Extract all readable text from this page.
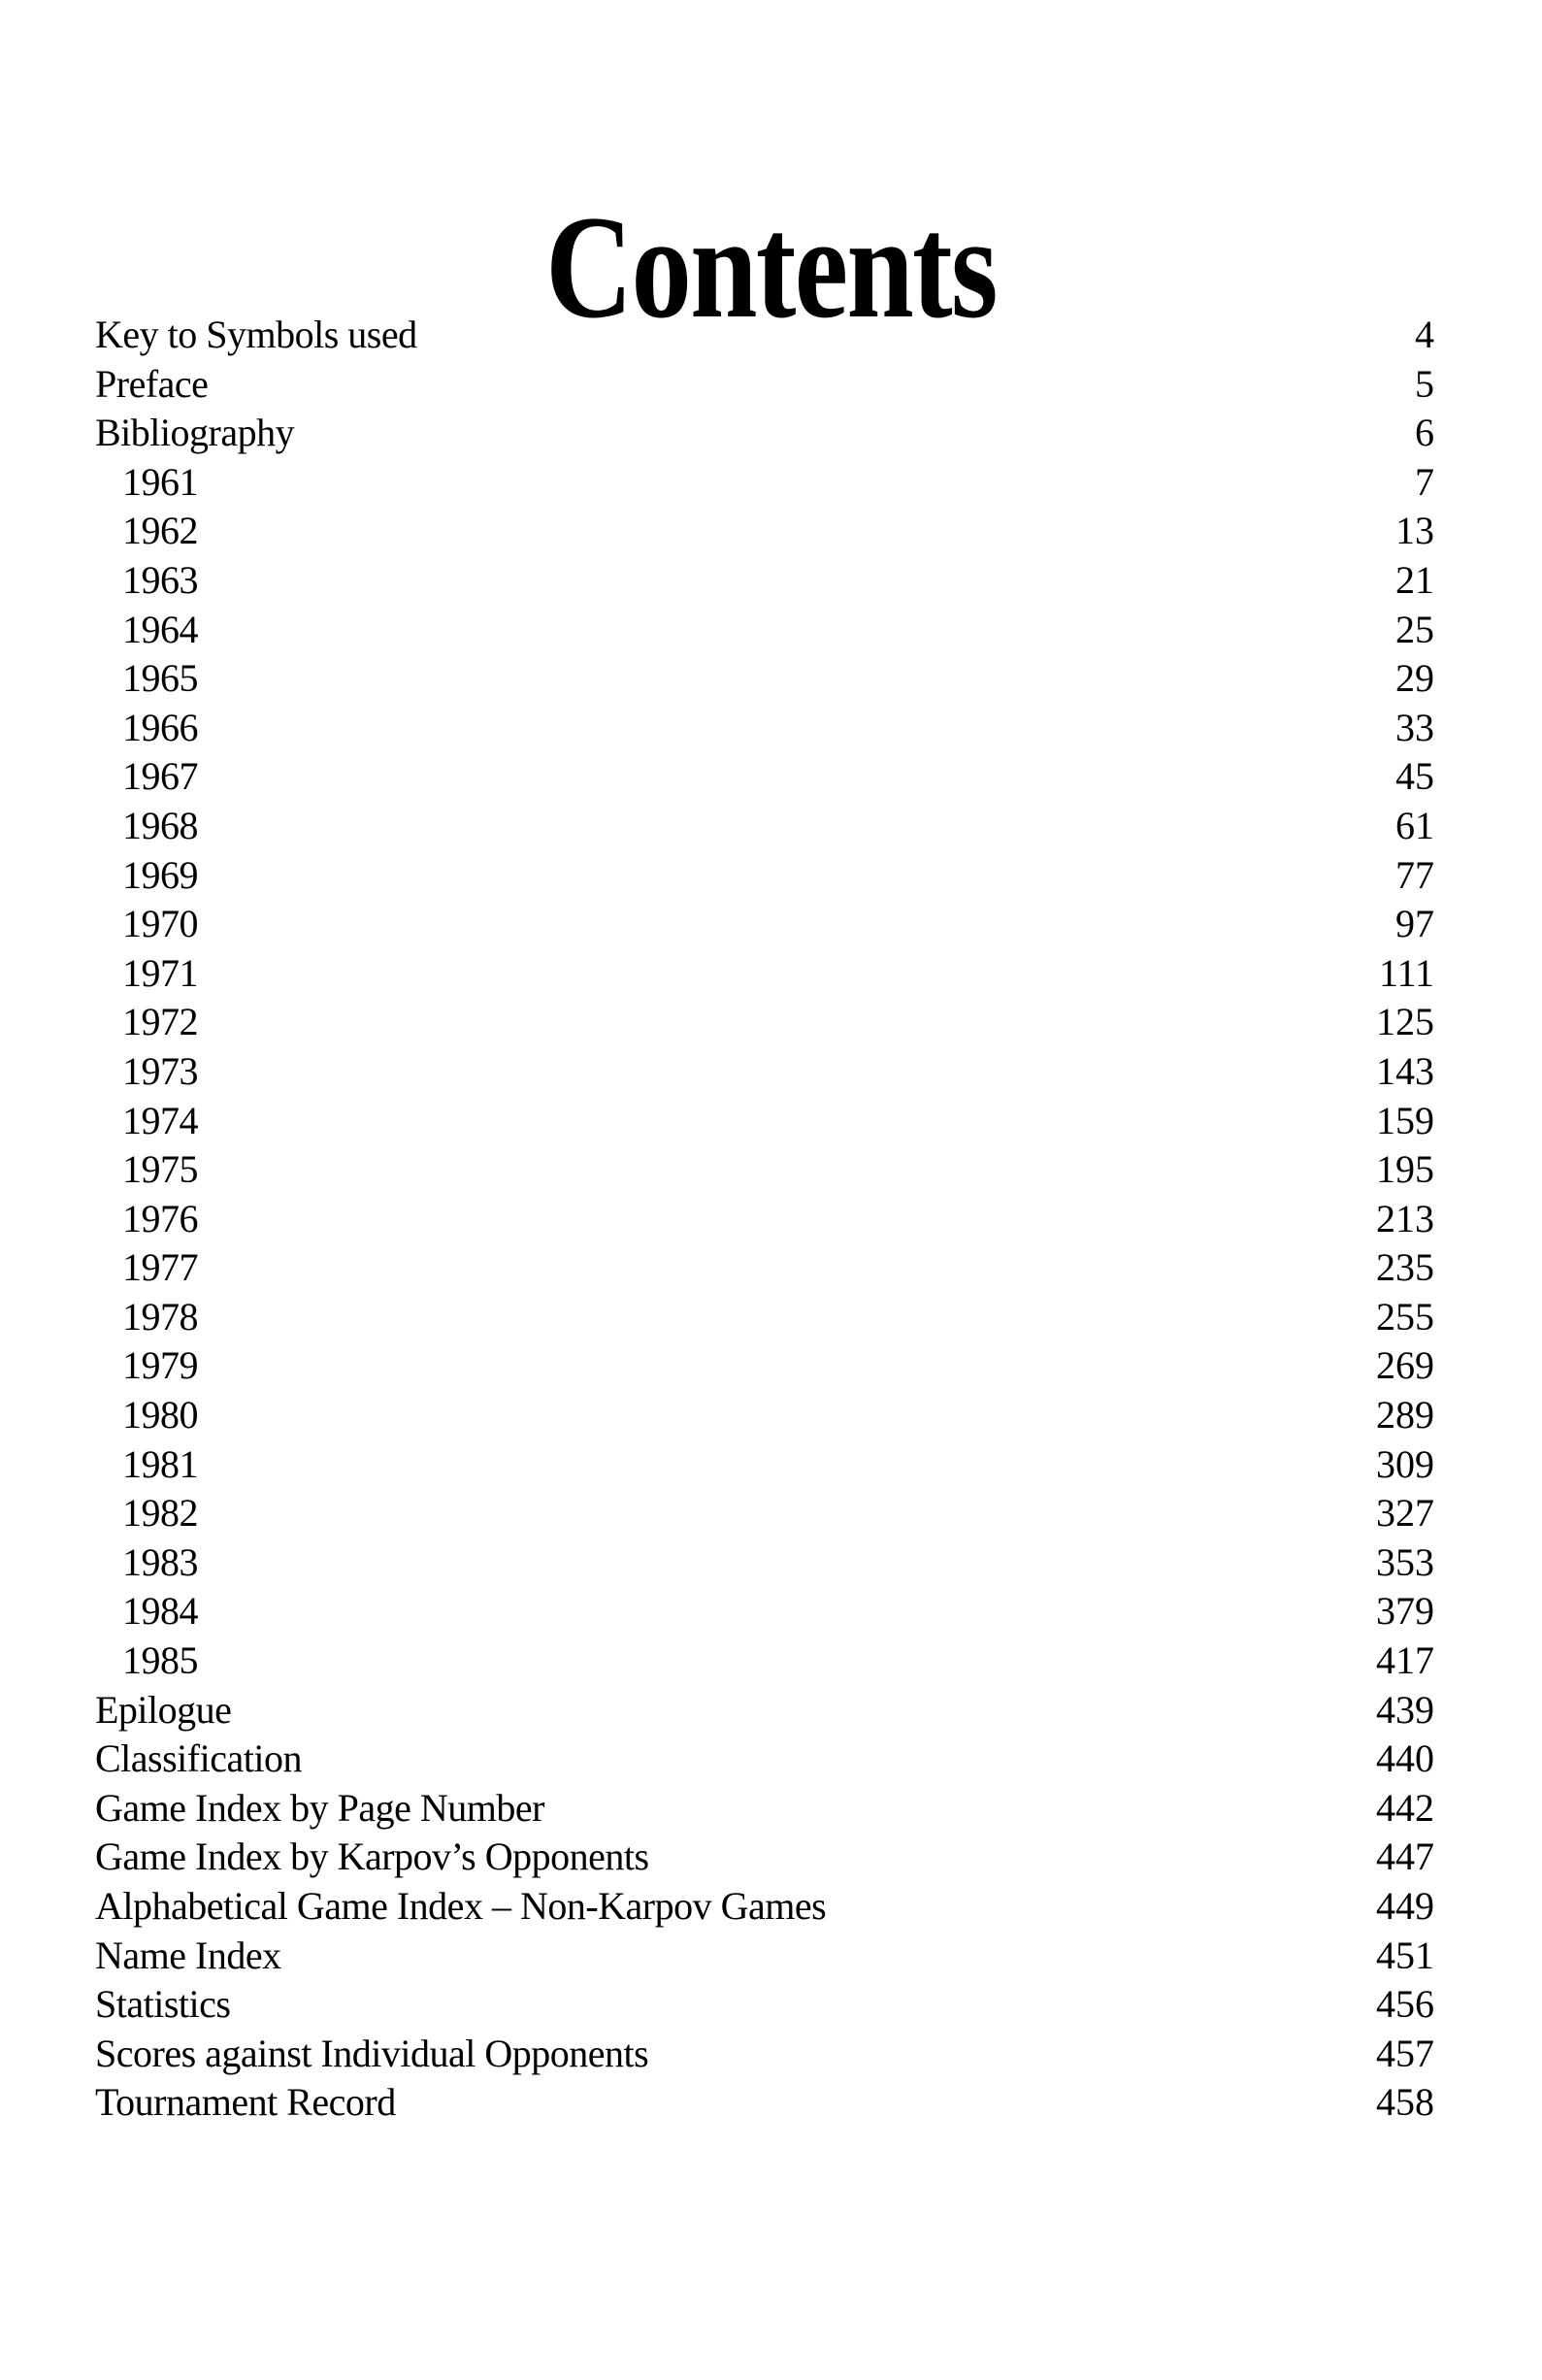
Contents
Key to Symbols used	4
Preface	5
Bibliography	6
1961	7
1962	13
1963	21
1964	25
1965	29
1966	33
1967	45
1968	61
1969	77
1970	97
1971	111
1972	125
1973	143
1974	159
1975	195
1976	213
1977	235
1978	255
1979	269
1980	289
1981	309
1982	327
1983	353
1984	379
1985	417
Epilogue	439
Classification	440
Game Index by Page Number	442
Game Index by Karpov’s Opponents	447
Alphabetical Game Index – Non-Karpov Games	449
Name Index	451
Statistics	456
Scores against Individual Opponents	457
Tournament Record	458
